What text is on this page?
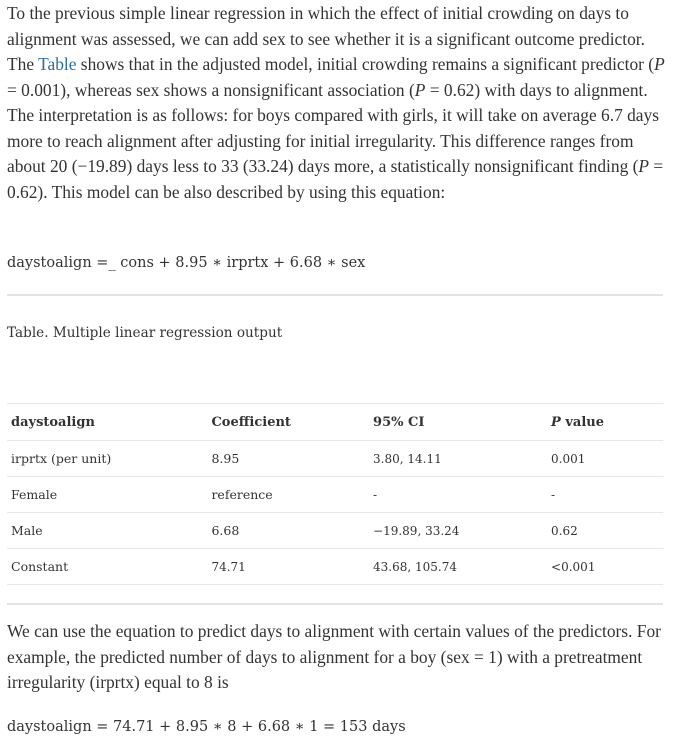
To the previous simple linear regression in which the effect of initial crowding on days to alignment was assessed, we can add sex to see whether it is a significant outcome predictor. The Table shows that in the adjusted model, initial crowding remains a significant predictor (P = 0.001), whereas sex shows a nonsignificant association (P = 0.62) with days to alignment. The interpretation is as follows: for boys compared with girls, it will take on average 6.7 days more to reach alignment after adjusting for initial irregularity. This difference ranges from about 20 (−19.89) days less to 33 (33.24) days more, a statistically nonsignificant finding (P = 0.62). This model can be also described by using this equation:

daystoalign =_ cons + 8.95 ∗ irprtx + 6.68 ∗ sex
Table. Multiple linear regression output
daystoalign	Coefficient	95% CI	P value
irprtx (per unit)	8.95	3.80, 14.11	0.001
Female	reference	-	-
Male	6.68	−19.89, 33.24	0.62
Constant	74.71	43.68, 105.74	<0.001

We can use the equation to predict days to alignment with certain values of the predictors. For example, the predicted number of days to alignment for a boy (sex = 1) with a pretreatment irregularity (irprtx) equal to 8 is

daystoalign = 74.71 + 8.95 ∗ 8 + 6.68 ∗ 1 = 153 days
